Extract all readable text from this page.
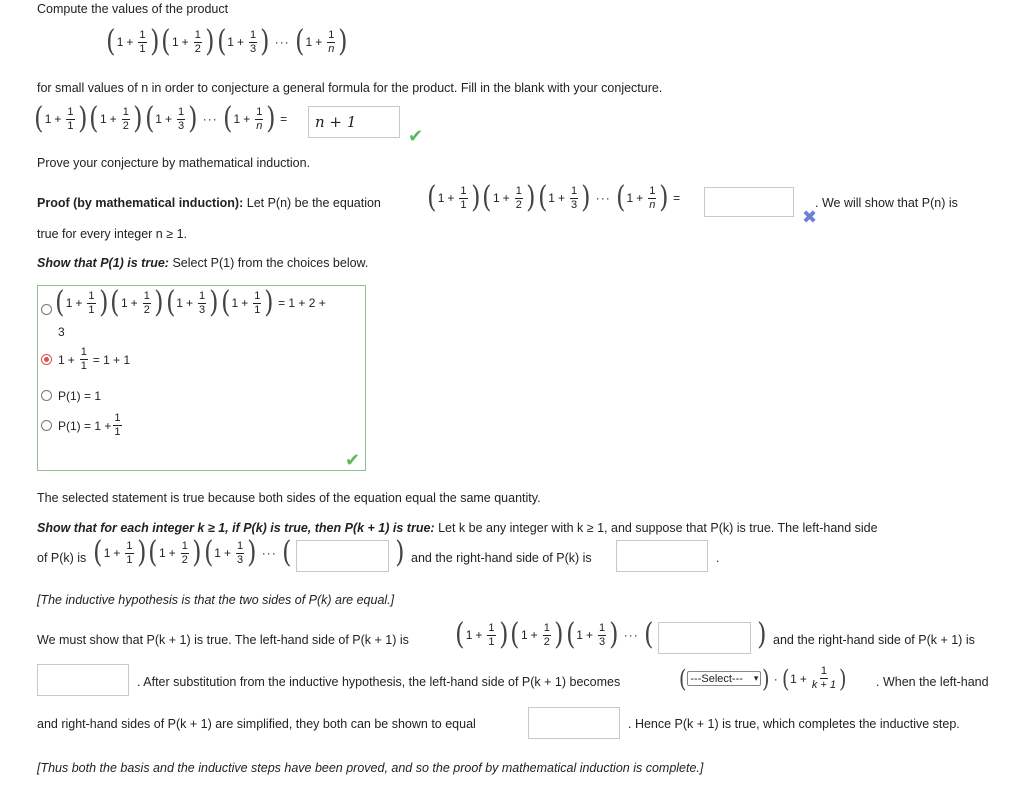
Compute the values of the product
( $1 + \frac{1}{1}$ ) ( $1 + \frac{1}{2}$ ) ( $1 + \frac{1}{3}$ ) ··· ( $1 + \frac{1}{n}$ )
for small values of n in order to conjecture a general formula for the product. Fill in the blank with your conjecture.
( $1 + \frac{1}{1}$ ) ( $1 + \frac{1}{2}$ ) ( $1 + \frac{1}{3}$ ) ··· ( $1 + \frac{1}{n}$ ) =	n + 1
✔
Prove your conjecture by mathematical induction.
Proof (by mathematical induction): Let P(n) be the equation ( $1 + \frac{1}{1}$ ) ( $1 + \frac{1}{2}$ ) ( $1 + \frac{1}{3}$ ) ··· ( $1 + \frac{1}{n}$ ) =
✖
. We will show that P(n) is
true for every integer n ≥ 1.
Show that P(1) is true: Select P(1) from the choices below.
( $1 + \frac{1}{1}$ ) ( $1 + \frac{1}{2}$ ) ( $1 + \frac{1}{3}$ ) ( $1 + \frac{1}{1}$ ) = 1 + 2 +
3
$1 + \frac{1}{1} = 1 + 1$
P(1) = 1
$P(1) = 1 + \frac{1}{1}$
✔
The selected statement is true because both sides of the equation equal the same quantity.
Show that for each integer k ≥ 1, if P(k) is true, then P(k + 1) is true: Let k be any integer with k ≥ 1, and suppose that P(k) is true. The left-hand side
of P(k) is ( $1 + \frac{1}{1}$ ) ( $1 + \frac{1}{2}$ ) ( $1 + \frac{1}{3}$ ) ··· (	) and the right-hand side of P(k) is	.
[The inductive hypothesis is that the two sides of P(k) are equal.]
We must show that P(k + 1) is true. The left-hand side of P(k + 1) is ( $1 + \frac{1}{1}$ ) ( $1 + \frac{1}{2}$ ) ( $1 + \frac{1}{3}$ ) ··· (	) and the right-hand side of P(k + 1) is
. After substitution from the inductive hypothesis, the left-hand side of P(k + 1) becomes ( ---Select--- ▾ ) · ( $1 + \frac{1}{k + 1}$ ) . When the left-hand
and right-hand sides of P(k + 1) are simplified, they both can be shown to equal	. Hence P(k + 1) is true, which completes the inductive step.
[Thus both the basis and the inductive steps have been proved, and so the proof by mathematical induction is complete.]
